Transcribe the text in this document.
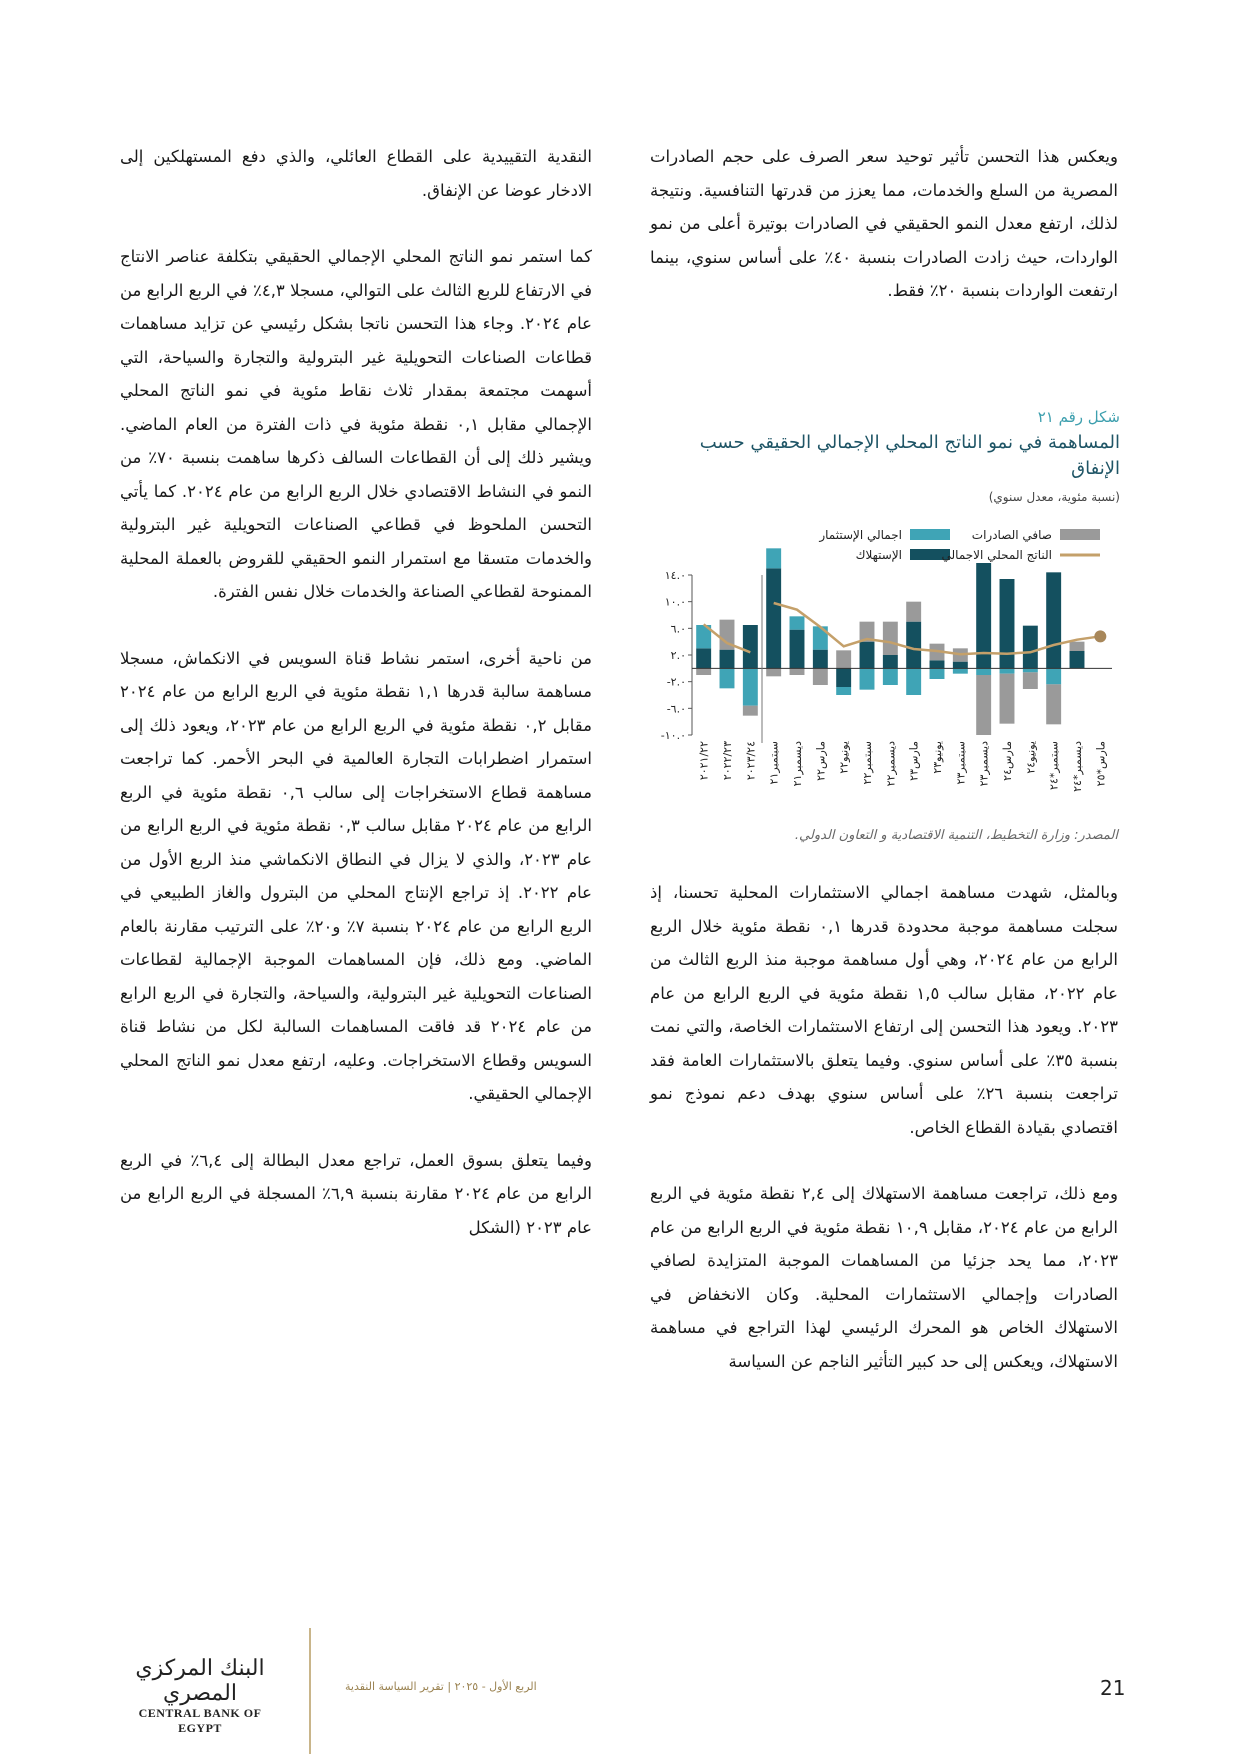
ويعكس هذا التحسن تأثير توحيد سعر الصرف على حجم الصادرات المصرية من السلع والخدمات، مما يعزز من قدرتها التنافسية. ونتيجة لذلك، ارتفع معدل النمو الحقيقي في الصادرات بوتيرة أعلى من نمو الواردات، حيث زادت الصادرات بنسبة ٤٠٪ على أساس سنوي، بينما ارتفعت الواردات بنسبة ٢٠٪ فقط.

شكل رقم ٢١
المساهمة في نمو الناتج المحلي الإجمالي الحقيقي حسب الإنفاق
(نسبة مئوية، معدل سنوي)
اجمالي الإستثمار	صافي الصادرات
الإستهلاك	الناتج المحلي الاجمالي
١٤.٠
١٠.٠
٦.٠
٢.٠
-٢.٠
-٦.٠
-١٠.٠
٢٠٢١/٢٢ ٢٠٢٢/٢٣ ٢٠٢٣/٢٤ سبتمبر٢١
ديسمبر٢١
مارس٢٢ يونيو٢٢
سبتمبر٢٢
ديسمبر٢٢
مارس٢٣ يونيو٢٣
سبتمبر٢٣
ديسمبر٢٣
مارس٢٤ يونيو٢٤
سبتمبر*٢٤
ديسمبر*٢٤
مارس*٢٥
المصدر: وزارة التخطيط، التنمية الاقتصادية و التعاون الدولي.

وبالمثل، شهدت مساهمة اجمالي الاستثمارات المحلية تحسنا، إذ سجلت مساهمة موجبة محدودة قدرها ٠,١ نقطة مئوية خلال الربع الرابع من عام ٢٠٢٤، وهي أول مساهمة موجبة منذ الربع الثالث من عام ٢٠٢٢، مقابل سالب ١,٥ نقطة مئوية في الربع الرابع من عام ٢٠٢٣. ويعود هذا التحسن إلى ارتفاع الاستثمارات الخاصة، والتي نمت بنسبة ٣٥٪ على أساس سنوي. وفيما يتعلق بالاستثمارات العامة فقد تراجعت بنسبة ٢٦٪ على أساس سنوي بهدف دعم نموذج نمو اقتصادي بقيادة القطاع الخاص.

ومع ذلك، تراجعت مساهمة الاستهلاك إلى ٢,٤ نقطة مئوية في الربع الرابع من عام ٢٠٢٤، مقابل ١٠,٩ نقطة مئوية في الربع الرابع من عام ٢٠٢٣، مما يحد جزئيا من المساهمات الموجبة المتزايدة لصافي الصادرات وإجمالي الاستثمارات المحلية. وكان الانخفاض في الاستهلاك الخاص هو المحرك الرئيسي لهذا التراجع في مساهمة الاستهلاك، ويعكس إلى حد كبير التأثير الناجم عن السياسة

النقدية التقييدية على القطاع العائلي، والذي دفع المستهلكين إلى الادخار عوضا عن الإنفاق.

كما استمر نمو الناتج المحلي الإجمالي الحقيقي بتكلفة عناصر الانتاج في الارتفاع للربع الثالث على التوالي، مسجلا ٤,٣٪ في الربع الرابع من عام ٢٠٢٤. وجاء هذا التحسن ناتجا بشكل رئيسي عن تزايد مساهمات قطاعات الصناعات التحويلية غير البترولية والتجارة والسياحة، التي أسهمت مجتمعة بمقدار ثلاث نقاط مئوية في نمو الناتج المحلي الإجمالي مقابل ٠,١ نقطة مئوية في ذات الفترة من العام الماضي. ويشير ذلك إلى أن القطاعات السالف ذكرها ساهمت بنسبة ٧٠٪ من النمو في النشاط الاقتصادي خلال الربع الرابع من عام ٢٠٢٤. كما يأتي التحسن الملحوظ في قطاعي الصناعات التحويلية غير البترولية والخدمات متسقا مع استمرار النمو الحقيقي للقروض بالعملة المحلية الممنوحة لقطاعي الصناعة والخدمات خلال نفس الفترة.

من ناحية أخرى، استمر نشاط قناة السويس في الانكماش، مسجلا مساهمة سالبة قدرها ١,١ نقطة مئوية في الربع الرابع من عام ٢٠٢٤ مقابل ٠,٢ نقطة مئوية في الربع الرابع من عام ٢٠٢٣، ويعود ذلك إلى استمرار اضطرابات التجارة العالمية في البحر الأحمر. كما تراجعت مساهمة قطاع الاستخراجات إلى سالب ٠,٦ نقطة مئوية في الربع الرابع من عام ٢٠٢٤ مقابل سالب ٠,٣ نقطة مئوية في الربع الرابع من عام ٢٠٢٣، والذي لا يزال في النطاق الانكماشي منذ الربع الأول من عام ٢٠٢٢. إذ تراجع الإنتاج المحلي من البترول والغاز الطبيعي في الربع الرابع من عام ٢٠٢٤ بنسبة ٧٪ و٢٠٪ على الترتيب مقارنة بالعام الماضي. ومع ذلك، فإن المساهمات الموجبة الإجمالية لقطاعات الصناعات التحويلية غير البترولية، والسياحة، والتجارة في الربع الرابع من عام ٢٠٢٤ قد فاقت المساهمات السالبة لكل من نشاط قناة السويس وقطاع الاستخراجات. وعليه، ارتفع معدل نمو الناتج المحلي الإجمالي الحقيقي.

وفيما يتعلق بسوق العمل، تراجع معدل البطالة إلى ٦,٤٪ في الربع الرابع من عام ٢٠٢٤ مقارنة بنسبة ٦,٩٪ المسجلة في الربع الرابع من عام ٢٠٢٣ (الشكل

21
الربع الأول - ٢٠٢٥ | تقرير السياسة النقدية
البنك المركزي المصري
CENTRAL BANK OF EGYPT
